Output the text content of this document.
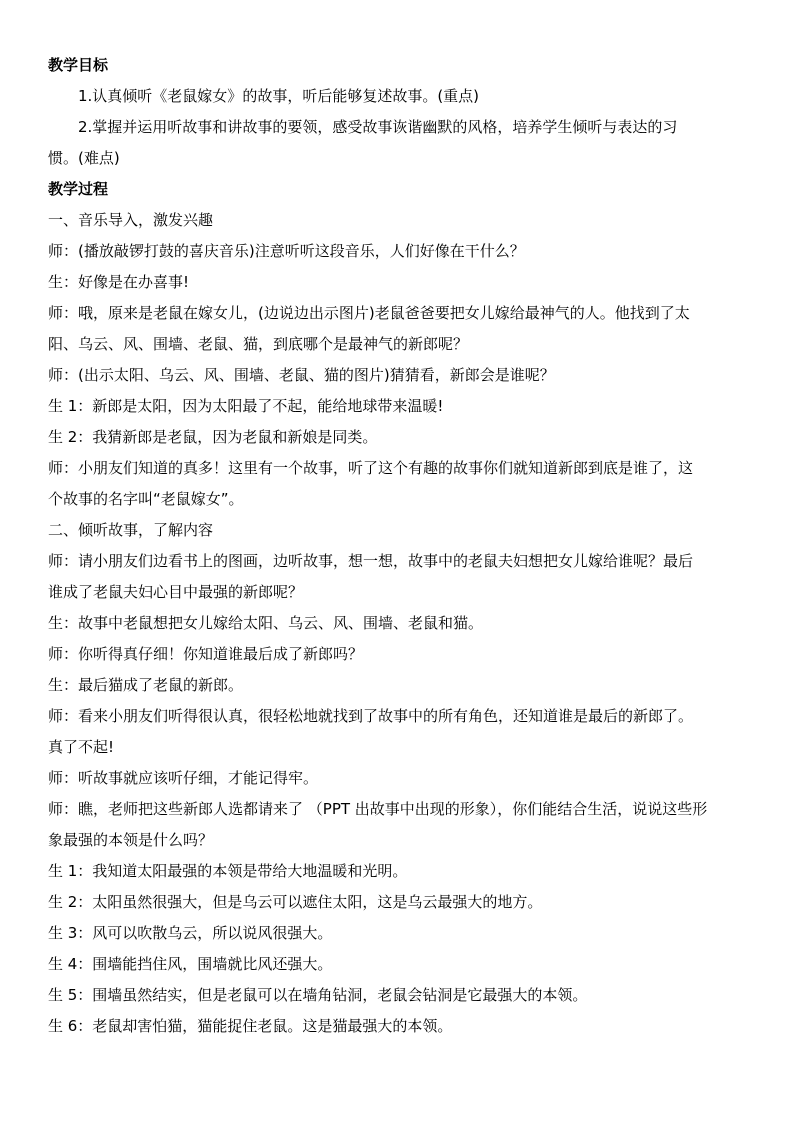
教学目标
1.认真倾听《老鼠嫁女》的故事，听后能够复述故事。(重点)
2.掌握并运用听故事和讲故事的要领，感受故事诙谐幽默的风格，培养学生倾听与表达的习
惯。(难点)
教学过程
一、音乐导入，激发兴趣
师：(播放敲锣打鼓的喜庆音乐)注意听听这段音乐，人们好像在干什么？
生：好像是在办喜事!
师：哦，原来是老鼠在嫁女儿，(边说边出示图片)老鼠爸爸要把女儿嫁给最神气的人。他找到了太
阳、乌云、风、围墙、老鼠、猫，到底哪个是最神气的新郎呢？
师：(出示太阳、乌云、风、围墙、老鼠、猫的图片)猜猜看，新郎会是谁呢？
生 1：新郎是太阳，因为太阳最了不起，能给地球带来温暖!
生 2：我猜新郎是老鼠，因为老鼠和新娘是同类。
师：小朋友们知道的真多！这里有一个故事，听了这个有趣的故事你们就知道新郎到底是谁了，这
个故事的名字叫“老鼠嫁女”。
二、倾听故事，了解内容
师：请小朋友们边看书上的图画，边听故事，想一想，故事中的老鼠夫妇想把女儿嫁给谁呢？最后
谁成了老鼠夫妇心目中最强的新郎呢？
生：故事中老鼠想把女儿嫁给太阳、乌云、风、围墙、老鼠和猫。
师：你听得真仔细！你知道谁最后成了新郎吗？
生：最后猫成了老鼠的新郎。
师：看来小朋友们听得很认真，很轻松地就找到了故事中的所有角色，还知道谁是最后的新郎了。
真了不起!
师：听故事就应该听仔细，才能记得牢。
师：瞧，老师把这些新郎人选都请来了 （PPT 出故事中出现的形象），你们能结合生活，说说这些形
象最强的本领是什么吗？
生 1：我知道太阳最强的本领是带给大地温暖和光明。
生 2：太阳虽然很强大，但是乌云可以遮住太阳，这是乌云最强大的地方。
生 3：风可以吹散乌云，所以说风很强大。
生 4：围墙能挡住风，围墙就比风还强大。
生 5：围墙虽然结实，但是老鼠可以在墙角钻洞，老鼠会钻洞是它最强大的本领。
生 6：老鼠却害怕猫，猫能捉住老鼠。这是猫最强大的本领。
